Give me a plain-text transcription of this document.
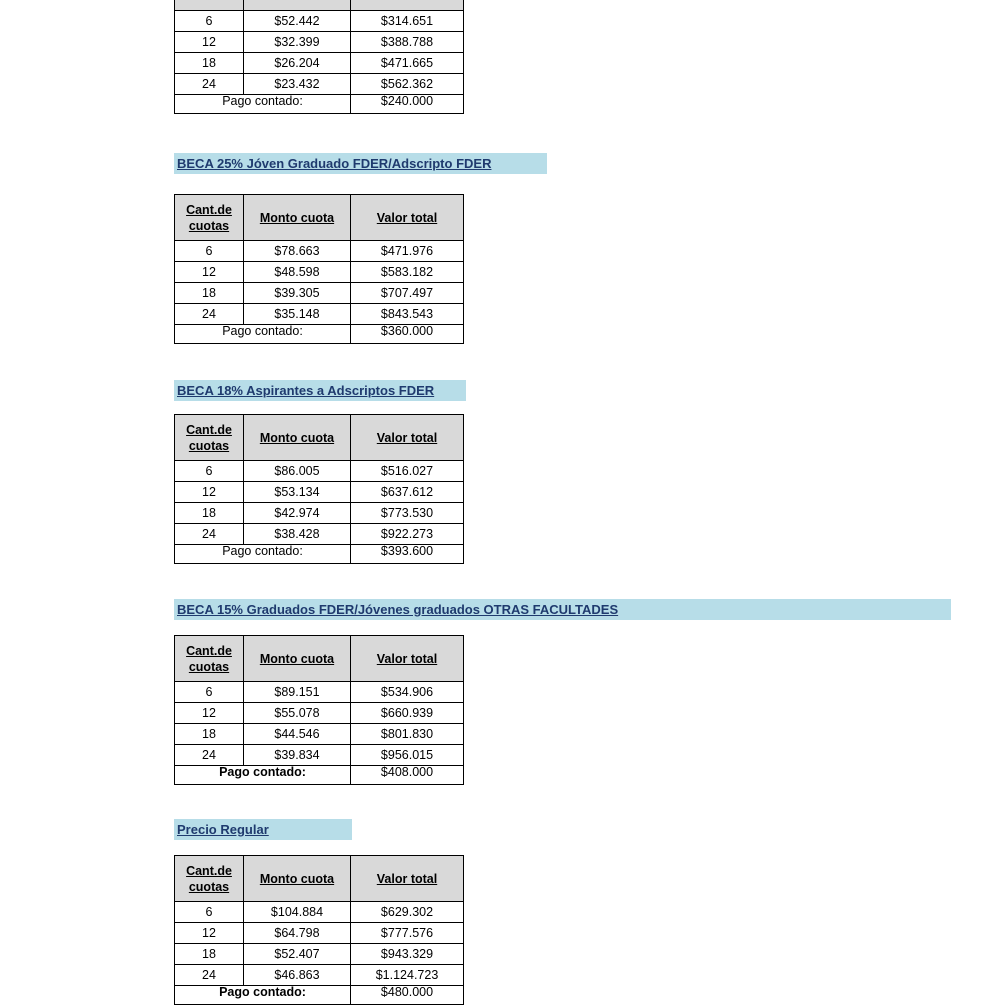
6	$52.442	$314.651
12	$32.399	$388.788
18	$26.204	$471.665
24	$23.432	$562.362
Pago contado:		$240.000
BECA 25% Jóven Graduado FDER/Adscripto FDER
Cant.de cuotas	Monto cuota	Valor total
6	$78.663	$471.976
12	$48.598	$583.182
18	$39.305	$707.497
24	$35.148	$843.543
Pago contado:		$360.000
BECA 18% Aspirantes a Adscriptos FDER
Cant.de cuotas	Monto cuota	Valor total
6	$86.005	$516.027
12	$53.134	$637.612
18	$42.974	$773.530
24	$38.428	$922.273
Pago contado:		$393.600
BECA 15% Graduados FDER/Jóvenes graduados OTRAS FACULTADES
Cant.de cuotas	Monto cuota	Valor total
6	$89.151	$534.906
12	$55.078	$660.939
18	$44.546	$801.830
24	$39.834	$956.015
Pago contado:		$408.000
Precio Regular
Cant.de cuotas	Monto cuota	Valor total
6	$104.884	$629.302
12	$64.798	$777.576
18	$52.407	$943.329
24	$46.863	$1.124.723
Pago contado:		$480.000
